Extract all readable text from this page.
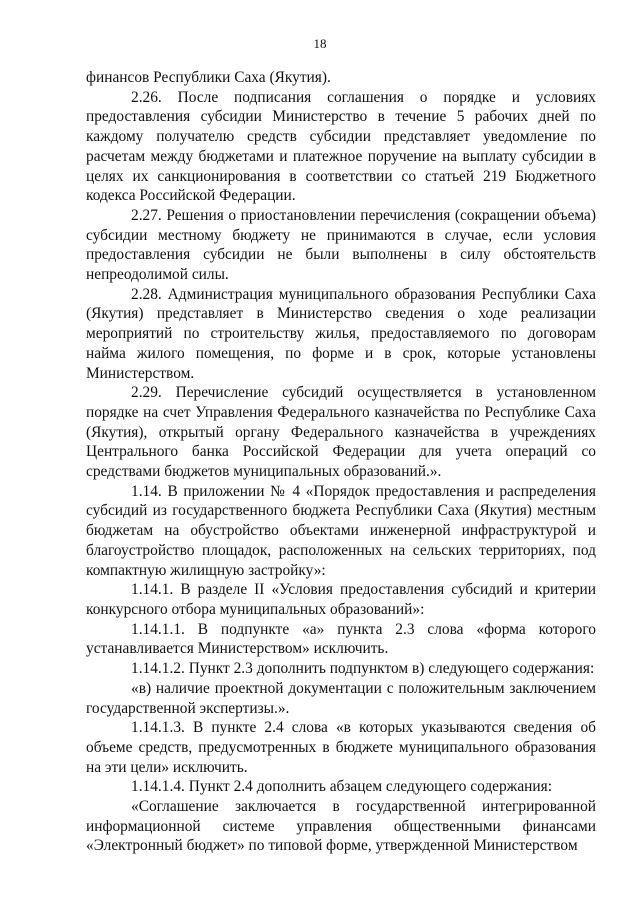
18

финансов Республики Саха (Якутия).

2.26. После подписания соглашения о порядке и условиях предоставления субсидии Министерство в течение 5 рабочих дней по каждому получателю средств субсидии представляет уведомление по расчетам между бюджетами и платежное поручение на выплату субсидии в целях их санкционирования в соответствии со статьей 219 Бюджетного кодекса Российской Федерации.

2.27. Решения о приостановлении перечисления (сокращении объема) субсидии местному бюджету не принимаются в случае, если условия предоставления субсидии не были выполнены в силу обстоятельств непреодолимой силы.

2.28. Администрация муниципального образования Республики Саха (Якутия) представляет в Министерство сведения о ходе реализации мероприятий по строительству жилья, предоставляемого по договорам найма жилого помещения, по форме и в срок, которые установлены Министерством.

2.29. Перечисление субсидий осуществляется в установленном порядке на счет Управления Федерального казначейства по Республике Саха (Якутия), открытый органу Федерального казначейства в учреждениях Центрального банка Российской Федерации для учета операций со средствами бюджетов муниципальных образований.».

1.14. В приложении № 4 «Порядок предоставления и распределения субсидий из государственного бюджета Республики Саха (Якутия) местным бюджетам на обустройство объектами инженерной инфраструктурой и благоустройство площадок, расположенных на сельских территориях, под компактную жилищную застройку»:

1.14.1. В разделе II «Условия предоставления субсидий и критерии конкурсного отбора муниципальных образований»:

1.14.1.1. В подпункте «а» пункта 2.3 слова «форма которого устанавливается Министерством» исключить.

1.14.1.2. Пункт 2.3 дополнить подпунктом в) следующего содержания:

«в) наличие проектной документации с положительным заключением государственной экспертизы.».

1.14.1.3. В пункте 2.4 слова «в которых указываются сведения об объеме средств, предусмотренных в бюджете муниципального образования на эти цели» исключить.

1.14.1.4. Пункт 2.4 дополнить абзацем следующего содержания:

«Соглашение заключается в государственной интегрированной информационной системе управления общественными финансами «Электронный бюджет» по типовой форме, утвержденной Министерством
